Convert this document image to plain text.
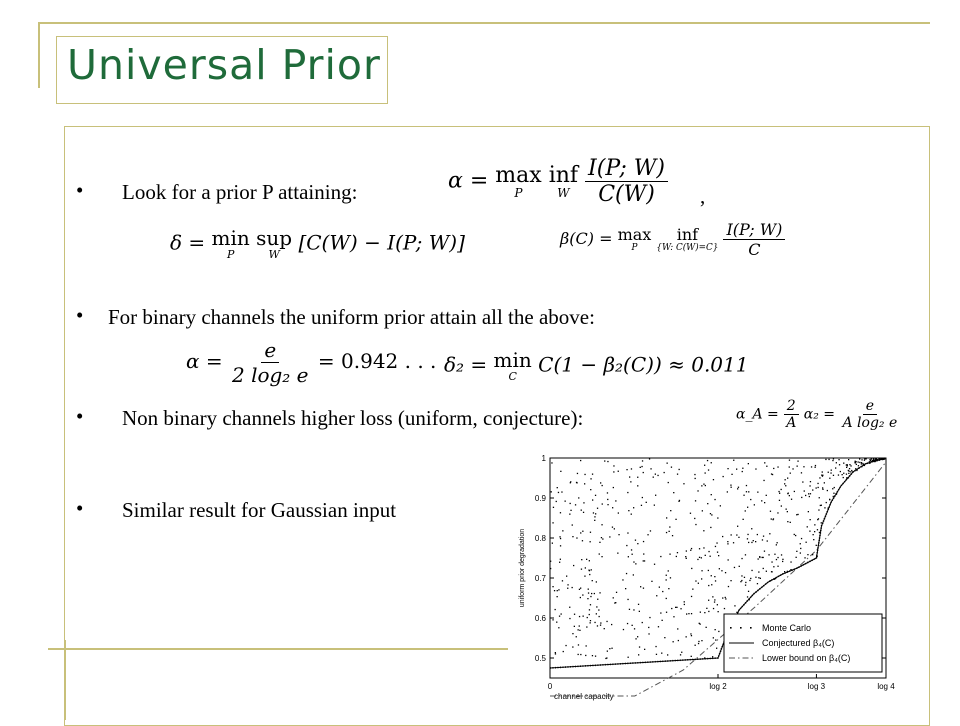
Universal Prior
• Look for a prior P attaining:	α = max
P

inf
W
$\frac{I(P; W)}{C(W)}$ ,
δ = min
P

sup
W [C(W) − I(P; W)]	β(C) = max
P

inf
{W: C(W)=C}
$\frac{I(P; W)}{C}$
• For binary channels the uniform prior attain all the above:
$\alpha = \frac{e}{\text{2 log₂ e}} = 0.942$ . . . δ₂ = min
C C(1 − β₂(C)) ≈ 0.011
• Non binary channels higher loss (uniform, conjecture):	α_A = $\frac{2}{A} \alpha_2 = \frac{e}{\text{A log₂ e}}$
• Similar result for Gaussian input
0.5
0.6
0.7
0.8
0.9
1
0	log 2	log 3	log 4
channel capacity
uniform prior degradation
Monte Carlo
Conjectured β₄(C)
Lower bound on β₄(C)
